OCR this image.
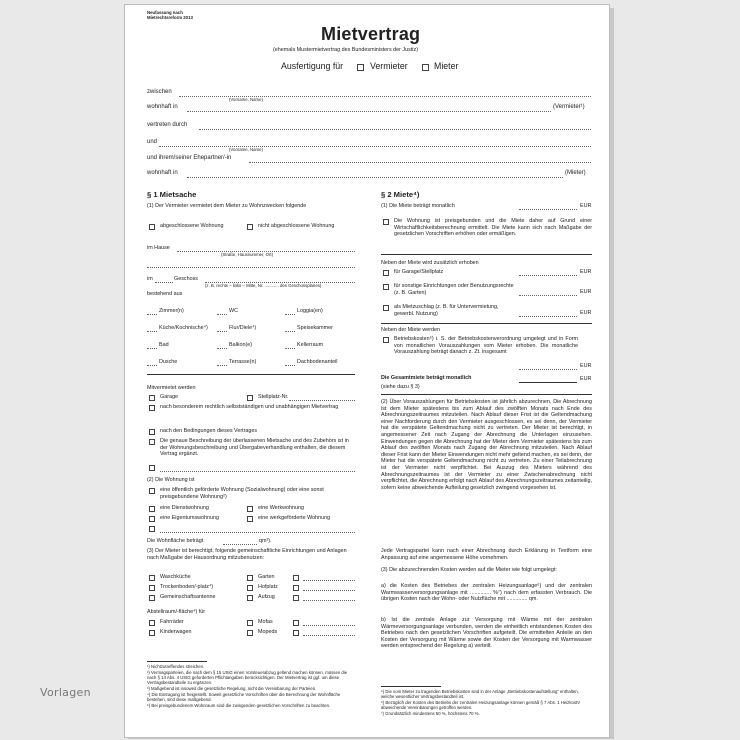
Neufassung nach
Mietrechtsreform 2013
Mietvertrag
(ehemals Mustermietvertrag des Bundesministers der Justiz)
Ausfertigung für	Vermieter	Mieter
zwischen
(Vorname, Name)
wohnhaft in	(Vermieter¹)
vertreten durch
und
(Vorname, Name)
und ihrem/seiner Ehepartner/-in
wohnhaft in	(Mieter)
§ 1 Mietsache
(1) Der Vermieter vermietet dem Mieter zu Wohnzwecken folgende
abgeschlossene Wohnung	nicht abgeschlossene Wohnung
im Hause
(Straße, Hausnummer, Ort)
im	Geschoss
(z. B. rechts – links – Mitte, Nr. ............ des Geschossplanes)
bestehend aus
Mitvermietet werden
Garage	Stellplatz-Nr.
nach besonderem rechtlich selbstständigen und unabhängigen Mietvertrag
nach den Bedingungen dieses Vertrages
Die genaue Beschreibung der überlassenen Mietsache und des Zubehörs ist in der Wohnungsbeschreibung und Übergabeverhandlung enthalten, die diesem Vertrag ergänzt.
(2) Die Wohnung ist
eine öffentlich geförderte Wohnung (Sozialwohnung) oder eine sonst preisgebundene Wohnung²)
eine Dienstwohnung	eine Werkwohnung
eine Eigentumswohnung	eine werkgeförderte Wohnung
Die Wohnfläche beträgt	qm³).
(3) Der Mieter ist berechtigt, folgende gemeinschaftliche Einrichtungen und Anlagen nach Maßgabe der Hausordnung mitzubenutzen:
Abstellraum/-fläche⁴) für
¹) Nichtzutreffendes streichen.
²) Vermagsparteien, die nach dem § 15 USiG einen Vorsteuerabzug geltend machen können, müssen die nach § 14 Abs. 4 UStG geforderten Pflichtangaben berücksichtigen. Der Mietvertrag ist ggf. um diese Vertragsbestandteile zu ergänzen.
³) Maßgebend ist insoweit die gesetzliche Regelung, nicht die Vereinbarung der Parteien.
⁴) Die Eintragung ist freigestellt. Soweit gesetzliche Vorschriften über die Berechnung der Wohnfläche bestehen, sind diese maßgebend.
⁵) Bei preisgebundenem Wohnraum sind die zwingenden gesetzlichen Vorschriften zu beachten.
§ 2 Miete⁴)
(1) Die Miete beträgt monatlich	EUR
Die Wohnung ist preisgebunden und die Miete daher auf Grund einer Wirtschaftlichkeitsberechnung ermittelt. Die Miete kann sich nach Maßgabe der gesetzlichen Vorschriften erhöhen oder ermäßigen.
Neben der Miete wird zusätzlich erhoben
für Garage/Stellplatz	EUR
für sonstige Einrichtungen oder Benutzungsrechte (z. B. Garten)	EUR
als Mietzuschlag (z. B. für Untervermietung, gewerbl. Nutzung)	EUR
Neben der Miete werden
Betriebskosten⁵) i. S. der Betriebskostenverordnung umgelegt und in Form von monatlichen Vorauszahlungen vom Mieter erhoben. Die monatliche Vorauszahlung beträgt danach z. Zt. insgesamt
EUR
Die Gesamtmiete beträgt monatlich	EUR
(siehe dazu § 3)
(2) Über Vorauszahlungen für Betriebskosten ist jährlich abzurechnen. Die Abrechnung ist dem Mieter spätestens bis zum Ablauf des zwölften Monats nach Ende des Abrechnungszeitraumes mitzuteilen. Nach Ablauf dieser Frist ist die Geltendmachung einer Nachforderung durch den Vermieter ausgeschlossen, es sei denn, der Vermieter hat die verspätete Geltendmachung nicht zu vertreten. Der Mieter ist berechtigt, in angemessener Zeit nach Zugang der Abrechnung die Unterlagen einzusehen. Einwendungen gegen die Abrechnung hat der Mieter dem Vermieter spätestens bis zum Ablauf des zwölften Monats nach Zugang der Abrechnung mitzuteilen. Nach Ablauf dieser Frist kann der Mieter Einwendungen nicht mehr geltend machen, es sei denn, der Mieter hat die verspätete Geltendmachung nicht zu vertreten. Zu einer Teilabrechnung ist der Vermieter nicht verpflichtet. Bei Auszug des Mieters während des Abrechnungszeitraumes ist der Vermieter zu einer Zwischenabrechnung nicht verpflichtet, die Abrechnung erfolgt nach Ablauf des Abrechnungszeitraumes zeitanteilig, sofern keine abweichende Aufteilung gesetzlich zwingend vorgesehen ist.
Jede Vertragspartei kann nach einer Abrechnung durch Erklärung in Textform eine Anpassung auf eine angemessene Höhe vornehmen.
(3) Die abzurechnenden Kosten werden auf die Mieter wie folgt umgelegt:
a) die Kosten des Betriebes der zentralen Heizungsanlage⁶) und der zentralen Warmwasserversorgungsanlage mit .............. %⁷) nach dem erfassten Verbrauch. Die übrigen Kosten nach der Wohn- oder Nutzfläche mit .............. qm.
b) Ist die zentrale Anlage zur Versorgung mit Wärme mit der zentralen Wärmeversorgungsanlage verbunden, werden die einheitlich entstandenen Kosten des Betriebes nach den gesetzlichen Vorschriften aufgeteilt. Die ermittelten Anteile an den Kosten der Versorgung mit Wärme sowie der Kosten der Versorgung mit Warmwasser werden entsprechend der Regelung a) verteilt.
⁵) Die vom Mieter zu tragenden Betriebskosten sind in der Anlage „Betriebskostenaufstellung“ enthalten, welche wesentlicher Vertragsbestandteil ist.
⁶) Bezüglich der Kosten des Betriebs der zentralen Heizungsanlage können gemäß § 7 Abs. 1 HeizkostV abweichende Vereinbarungen getroffen werden.
⁷) Grundsätzlich mindestens 50 %, höchstens 70 %.
Zimmer(n)	WC	Loggia(en)
Küche/Kochnische⁴)	Flur/Diele⁴)	Speisekammer
Bad	Balkon(e)	Kellerraum
Dusche	Terrasse(n)	Dachbodenanteil
Waschküche	Garten
Trockenboden/-platz⁴)	Hofplatz
Gemeinschaftsantenne	Aufzug
Fahrräder	Mofas
Kinderwagen	Mopeds
Vorlagen
